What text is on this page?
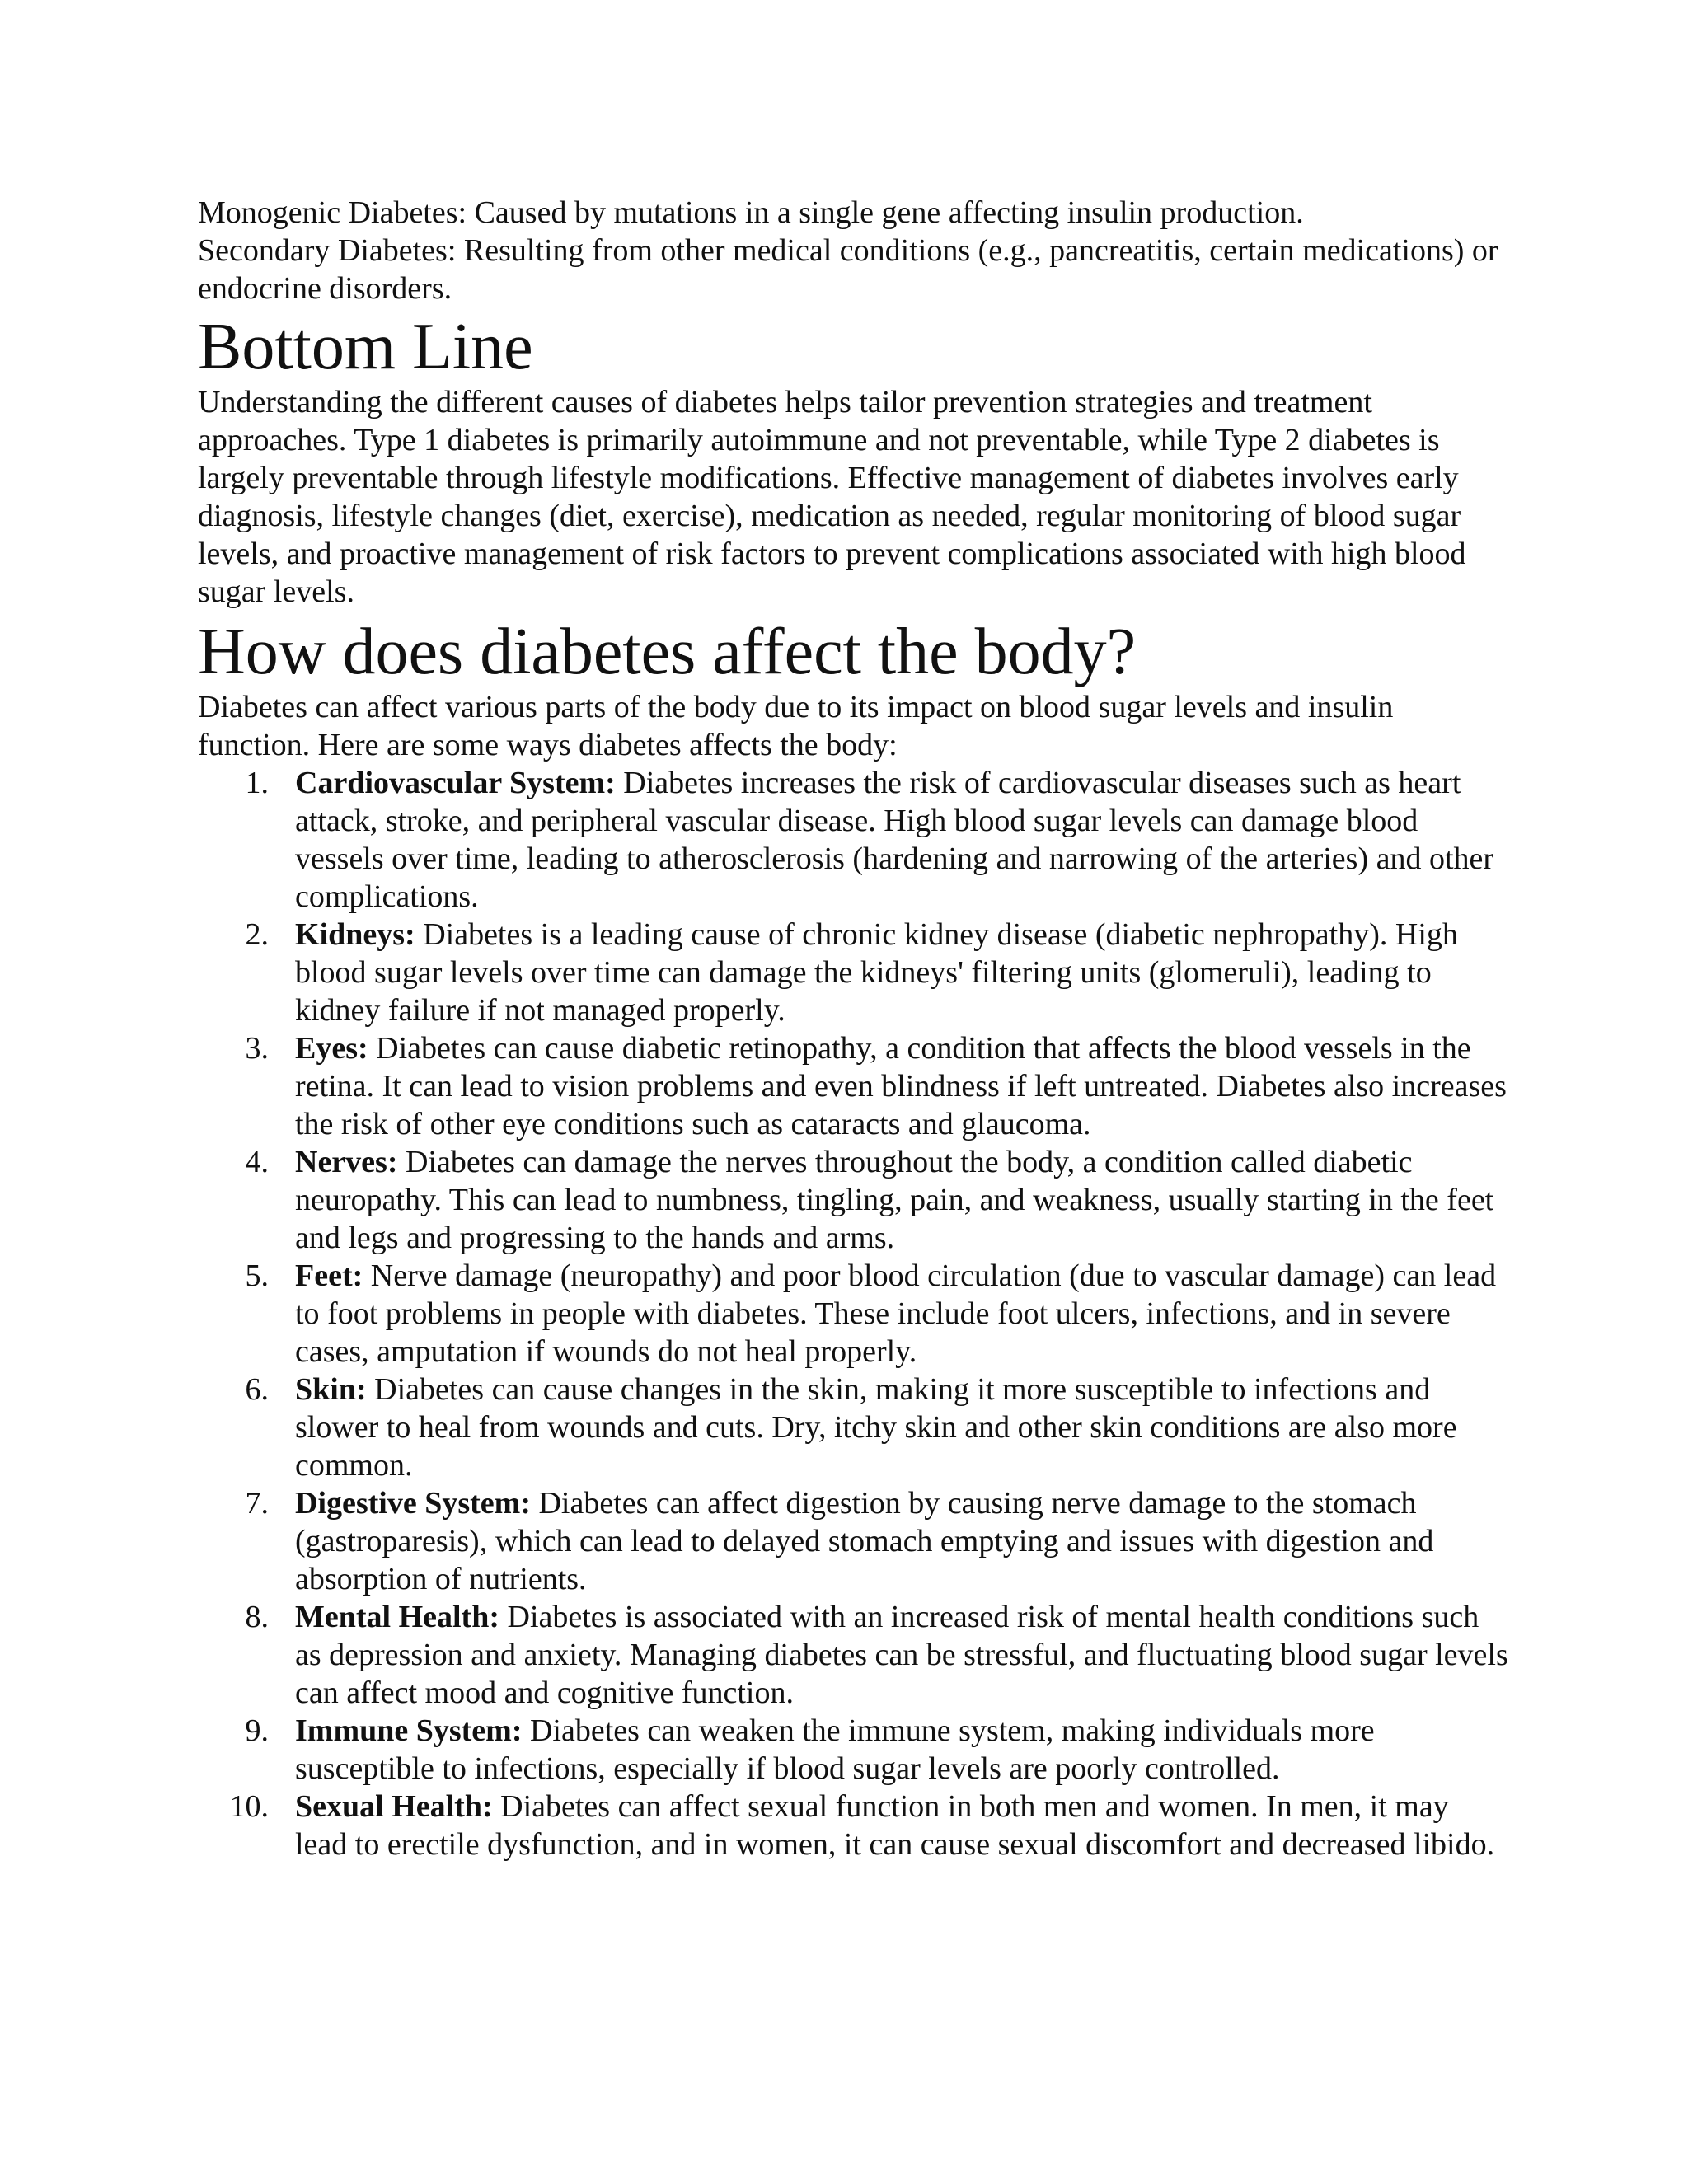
Monogenic Diabetes: Caused by mutations in a single gene affecting insulin production.

Secondary Diabetes: Resulting from other medical conditions (e.g., pancreatitis, certain medications) or endocrine disorders.

Bottom Line

Understanding the different causes of diabetes helps tailor prevention strategies and treatment approaches. Type 1 diabetes is primarily autoimmune and not preventable, while Type 2 diabetes is largely preventable through lifestyle modifications. Effective management of diabetes involves early diagnosis, lifestyle changes (diet, exercise), medication as needed, regular monitoring of blood sugar levels, and proactive management of risk factors to prevent complications associated with high blood sugar levels.

How does diabetes affect the body?

Diabetes can affect various parts of the body due to its impact on blood sugar levels and insulin function. Here are some ways diabetes affects the body:

1. Cardiovascular System: Diabetes increases the risk of cardiovascular diseases such as heart attack, stroke, and peripheral vascular disease. High blood sugar levels can damage blood vessels over time, leading to atherosclerosis (hardening and narrowing of the arteries) and other complications.
2. Kidneys: Diabetes is a leading cause of chronic kidney disease (diabetic nephropathy). High blood sugar levels over time can damage the kidneys' filtering units (glomeruli), leading to kidney failure if not managed properly.
3. Eyes: Diabetes can cause diabetic retinopathy, a condition that affects the blood vessels in the retina. It can lead to vision problems and even blindness if left untreated. Diabetes also increases the risk of other eye conditions such as cataracts and glaucoma.
4. Nerves: Diabetes can damage the nerves throughout the body, a condition called diabetic neuropathy. This can lead to numbness, tingling, pain, and weakness, usually starting in the feet and legs and progressing to the hands and arms.
5. Feet: Nerve damage (neuropathy) and poor blood circulation (due to vascular damage) can lead to foot problems in people with diabetes. These include foot ulcers, infections, and in severe cases, amputation if wounds do not heal properly.
6. Skin: Diabetes can cause changes in the skin, making it more susceptible to infections and slower to heal from wounds and cuts. Dry, itchy skin and other skin conditions are also more common.
7. Digestive System: Diabetes can affect digestion by causing nerve damage to the stomach (gastroparesis), which can lead to delayed stomach emptying and issues with digestion and absorption of nutrients.
8. Mental Health: Diabetes is associated with an increased risk of mental health conditions such as depression and anxiety. Managing diabetes can be stressful, and fluctuating blood sugar levels can affect mood and cognitive function.
9. Immune System: Diabetes can weaken the immune system, making individuals more susceptible to infections, especially if blood sugar levels are poorly controlled.
10. Sexual Health: Diabetes can affect sexual function in both men and women. In men, it may lead to erectile dysfunction, and in women, it can cause sexual discomfort and decreased libido.
